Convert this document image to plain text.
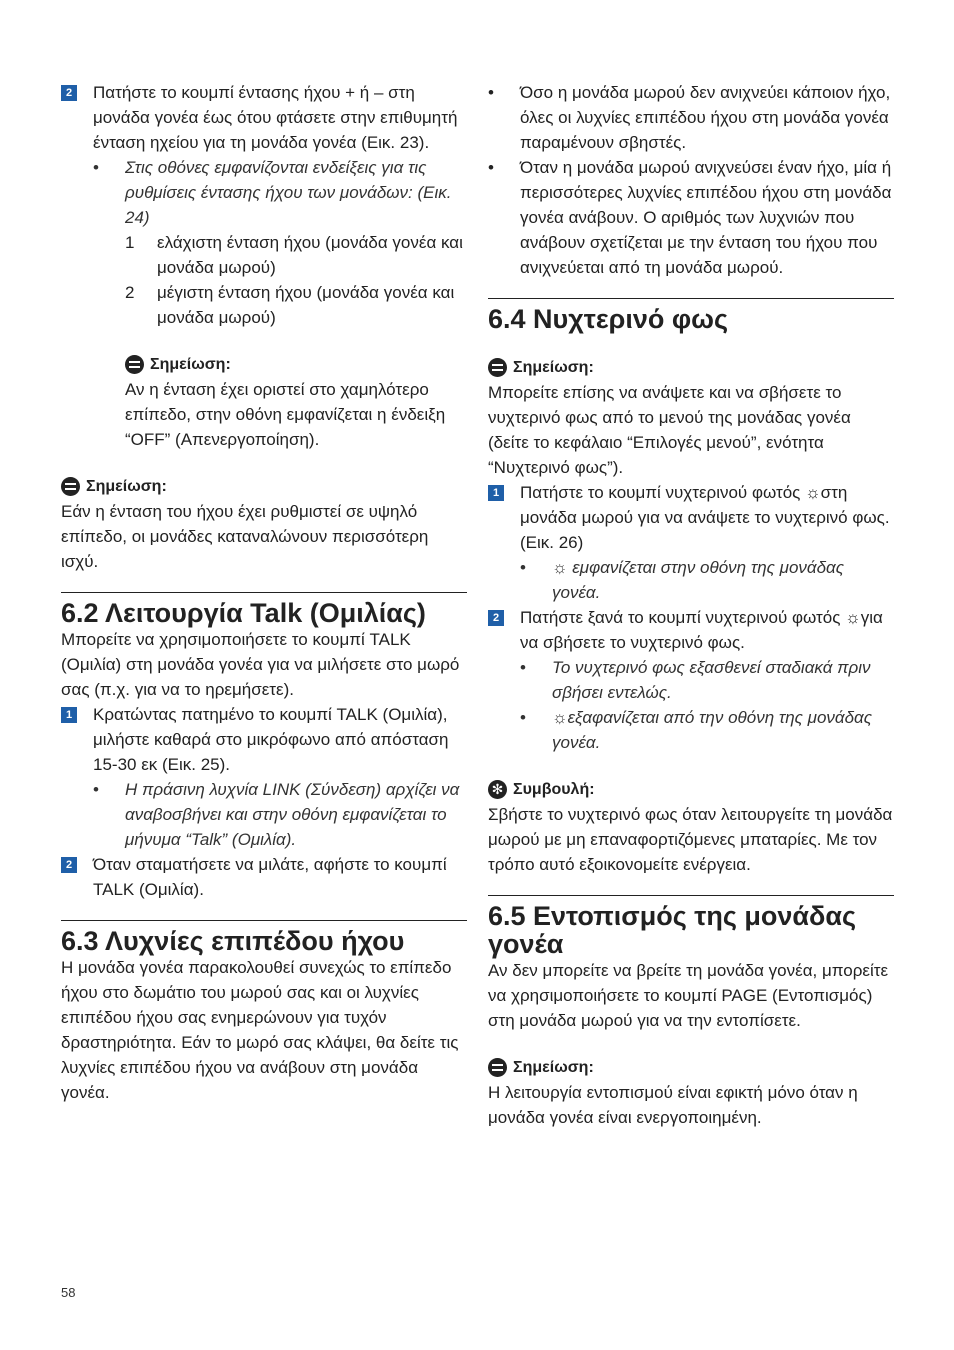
2 Πατήστε το κουμπί έντασης ήχου + ή – στη μονάδα γονέα έως ότου φτάσετε στην επιθυμητή ένταση ηχείου για τη μονάδα γονέα (Εικ. 23).

• Στις οθόνες εμφανίζονται ενδείξεις για τις ρυθμίσεις έντασης ήχου των μονάδων: (Εικ. 24)

1 ελάχιστη ένταση ήχου (μονάδα γονέα και μονάδα μωρού)

2 μέγιστη ένταση ήχου (μονάδα γονέα και μονάδα μωρού)

Σημείωση:

Αν η ένταση έχει οριστεί στο χαμηλότερο επίπεδο, στην οθόνη εμφανίζεται η ένδειξη “OFF” (Απενεργοποίηση).

Σημείωση:

Εάν η ένταση του ήχου έχει ρυθμιστεί σε υψηλό επίπεδο, οι μονάδες καταναλώνουν περισσότερη ισχύ.

6.2 Λειτουργία Talk (Ομιλίας)

Μπορείτε να χρησιμοποιήσετε το κουμπί TALK (Ομιλία) στη μονάδα γονέα για να μιλήσετε στο μωρό σας (π.χ. για να το ηρεμήσετε).

1 Κρατώντας πατημένο το κουμπί TALK (Ομιλία), μιλήστε καθαρά στο μικρόφωνο από απόσταση 15-30 εκ (Εικ. 25).

• Η πράσινη λυχνία LINK (Σύνδεση) αρχίζει να αναβοσβήνει και στην οθόνη εμφανίζεται το μήνυμα “Talk” (Ομιλία).

2 Όταν σταματήσετε να μιλάτε, αφήστε το κουμπί TALK (Ομιλία).

6.3 Λυχνίες επιπέδου ήχου

Η μονάδα γονέα παρακολουθεί συνεχώς το επίπεδο ήχου στο δωμάτιο του μωρού σας και οι λυχνίες επιπέδου ήχου σας ενημερώνουν για τυχόν δραστηριότητα. Εάν το μωρό σας κλάψει, θα δείτε τις λυχνίες επιπέδου ήχου να ανάβουν στη μονάδα γονέα.

• Όσο η μονάδα μωρού δεν ανιχνεύει κάποιον ήχο, όλες οι λυχνίες επιπέδου ήχου στη μονάδα γονέα παραμένουν σβηστές.

• Όταν η μονάδα μωρού ανιχνεύσει έναν ήχο, μία ή περισσότερες λυχνίες επιπέδου ήχου στη μονάδα γονέα ανάβουν. Ο αριθμός των λυχνιών που ανάβουν σχετίζεται με την ένταση του ήχου που ανιχνεύεται από τη μονάδα μωρού.

6.4 Νυχτερινό φως
Σημείωση:

Μπορείτε επίσης να ανάψετε και να σβήσετε το νυχτερινό φως από το μενού της μονάδας γονέα (δείτε το κεφάλαιο “Επιλογές μενού”, ενότητα “Νυχτερινό φως”).

1 Πατήστε το κουμπί νυχτερινού φωτός ☼στη μονάδα μωρού για να ανάψετε το νυχτερινό φως. (Εικ. 26)

• ☼ εμφανίζεται στην οθόνη της μονάδας γονέα.

2 Πατήστε ξανά το κουμπί νυχτερινού φωτός ☼για να σβήσετε το νυχτερινό φως.

• Το νυχτερινό φως εξασθενεί σταδιακά πριν σβήσει εντελώς.

• ☼εξαφανίζεται από την οθόνη της μονάδας γονέα.

✻ Συμβουλή:

Σβήστε το νυχτερινό φως όταν λειτουργείτε τη μονάδα μωρού με μη επαναφορτιζόμενες μπαταρίες. Με τον τρόπο αυτό εξοικονομείτε ενέργεια.

6.5 Εντοπισμός της μονάδας γονέα

Αν δεν μπορείτε να βρείτε τη μονάδα γονέα, μπορείτε να χρησιμοποιήσετε το κουμπί PAGE (Εντοπισμός) στη μονάδα μωρού για να την εντοπίσετε.

Σημείωση:

Η λειτουργία εντοπισμού είναι εφικτή μόνο όταν η μονάδα γονέα είναι ενεργοποιημένη.

58
